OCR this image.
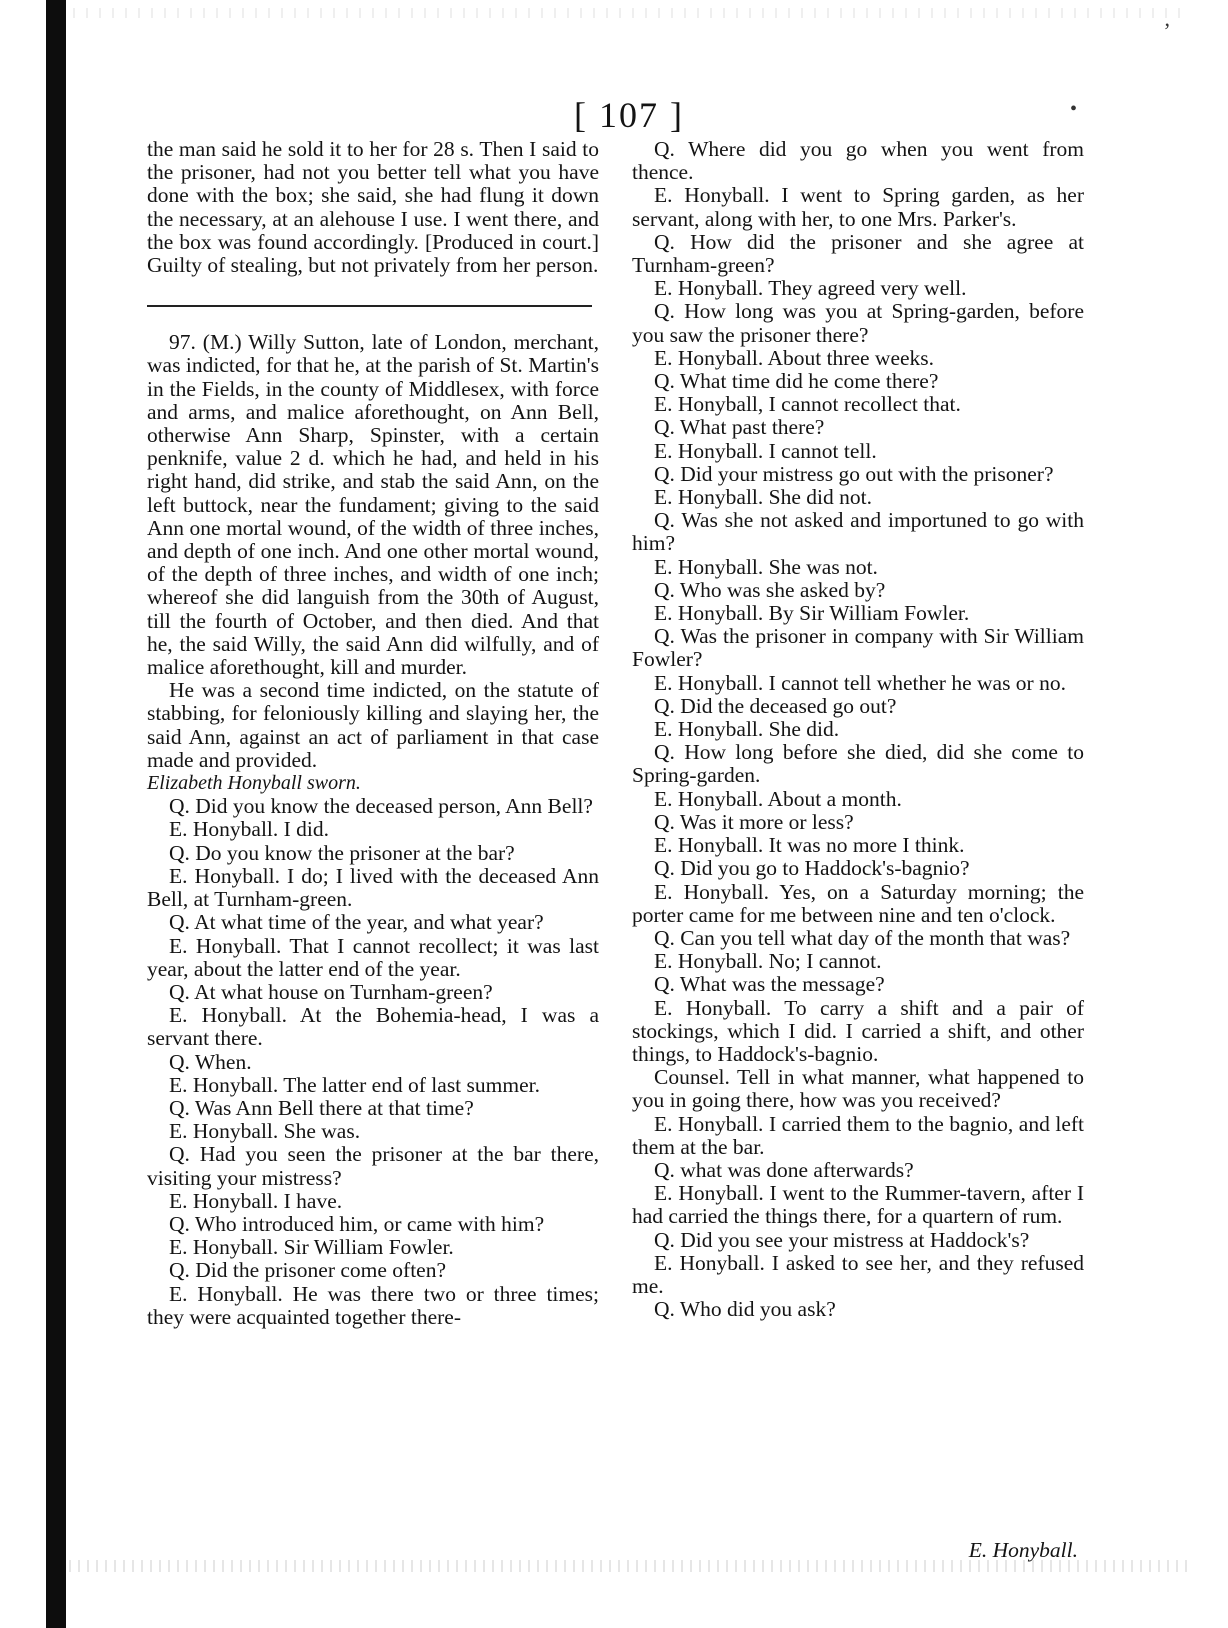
,
•
[ 107 ]

the man said he sold it to her for 28 s. Then I said to the prisoner, had not you better tell what you have done with the box; she said, she had flung it down the necessary, at an alehouse I use. I went there, and the box was found accordingly. [Produced in court.] Guilty of stealing, but not privately from her person.

97. (M.) Willy Sutton, late of London, merchant, was indicted, for that he, at the parish of St. Martin's in the Fields, in the county of Middlesex, with force and arms, and malice aforethought, on Ann Bell, otherwise Ann Sharp, Spinster, with a certain penknife, value 2 d. which he had, and held in his right hand, did strike, and stab the said Ann, on the left buttock, near the fundament; giving to the said Ann one mortal wound, of the width of three inches, and depth of one inch. And one other mortal wound, of the depth of three inches, and width of one inch; whereof she did languish from the 30th of August, till the fourth of October, and then died. And that he, the said Willy, the said Ann did wilfully, and of malice aforethought, kill and murder.

He was a second time indicted, on the statute of stabbing, for feloniously killing and slaying her, the said Ann, against an act of parliament in that case made and provided.

Elizabeth Honyball sworn.

Q. Did you know the deceased person, Ann Bell?

E. Honyball. I did.

Q. Do you know the prisoner at the bar?

E. Honyball. I do; I lived with the deceased Ann Bell, at Turnham-green.

Q. At what time of the year, and what year?

E. Honyball. That I cannot recollect; it was last year, about the latter end of the year.

Q. At what house on Turnham-green?

E. Honyball. At the Bohemia-head, I was a servant there.

Q. When.

E. Honyball. The latter end of last summer.

Q. Was Ann Bell there at that time?

E. Honyball. She was.

Q. Had you seen the prisoner at the bar there, visiting your mistress?

E. Honyball. I have.

Q. Who introduced him, or came with him?

E. Honyball. Sir William Fowler.

Q. Did the prisoner come often?

E. Honyball. He was there two or three times; they were acquainted together there-

Q. Where did you go when you went from thence.

E. Honyball. I went to Spring garden, as her servant, along with her, to one Mrs. Parker's.

Q. How did the prisoner and she agree at Turnham-green?

E. Honyball. They agreed very well.

Q. How long was you at Spring-garden, before you saw the prisoner there?

E. Honyball. About three weeks.

Q. What time did he come there?

E. Honyball, I cannot recollect that.

Q. What past there?

E. Honyball. I cannot tell.

Q. Did your mistress go out with the prisoner?

E. Honyball. She did not.

Q. Was she not asked and importuned to go with him?

E. Honyball. She was not.

Q. Who was she asked by?

E. Honyball. By Sir William Fowler.

Q. Was the prisoner in company with Sir William Fowler?

E. Honyball. I cannot tell whether he was or no.

Q. Did the deceased go out?

E. Honyball. She did.

Q. How long before she died, did she come to Spring-garden.

E. Honyball. About a month.

Q. Was it more or less?

E. Honyball. It was no more I think.

Q. Did you go to Haddock's-bagnio?

E. Honyball. Yes, on a Saturday morning; the porter came for me between nine and ten o'clock.

Q. Can you tell what day of the month that was?

E. Honyball. No; I cannot.

Q. What was the message?

E. Honyball. To carry a shift and a pair of stockings, which I did. I carried a shift, and other things, to Haddock's-bagnio.

Counsel. Tell in what manner, what happened to you in going there, how was you received?

E. Honyball. I carried them to the bagnio, and left them at the bar.

Q. what was done afterwards?

E. Honyball. I went to the Rummer-tavern, after I had carried the things there, for a quartern of rum.

Q. Did you see your mistress at Haddock's?

E. Honyball. I asked to see her, and they refused me.

Q. Who did you ask?

E. Honyball.
